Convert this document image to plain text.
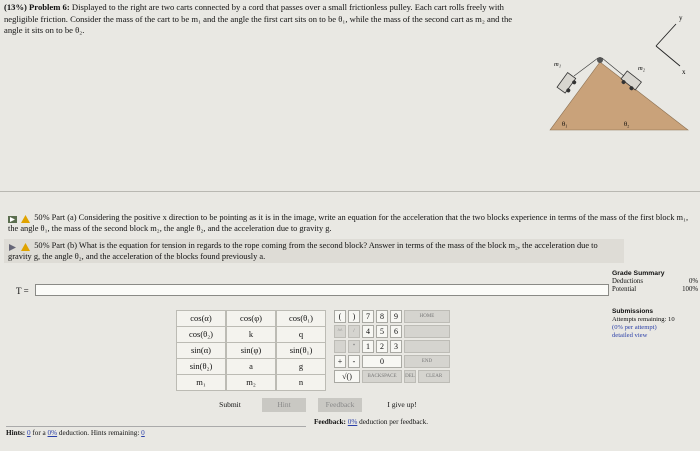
(13%) Problem 6: Displayed to the right are two carts connected by a cord that passes over a small frictionless pulley. Each cart rolls freely with negligible friction. Consider the mass of the cart to be m₁ and the angle the first cart sits on to be θ₁, while the mass of the second cart as m₂ and the angle it sits on to be θ₂.
y
x
m₁
m₂
θ₁	θ₂
50% Part (a) Considering the positive x direction to be pointing as it is in the image, write an equation for the acceleration that the two blocks experience in terms of the mass of the first block m₁, the angle θ₁, the mass of the second block m₂, the angle θ₂, and the acceleration due to gravity g.
50% Part (b) What is the equation for tension in regards to the rope coming from the second block? Answer in terms of the mass of the block m₂, the acceleration due to gravity g, the angle θ₂, and the acceleration of the blocks found previously a.
T =
Grade Summary
Deductions	0%
Potential	100%
Submissions
Attempts remaining: 10
(0% per attempt)
detailed view
cos(α)	cos(φ)	cos(θ₁)
cos(θ₂)	k	q
sin(α)	sin(φ)	sin(θ₁)
sin(θ₂)	a	g
m₁	m₂	n
(	)	7	8	9	HOME
^^	/	4	5	6
*	1	2	3
+	-	0	END
√()	BACKSPACE	DEL	CLEAR
Submit	Hint	Feedback	I give up!
Hints: 0 for a 0% deduction. Hints remaining: 0
Feedback: 0% deduction per feedback.
